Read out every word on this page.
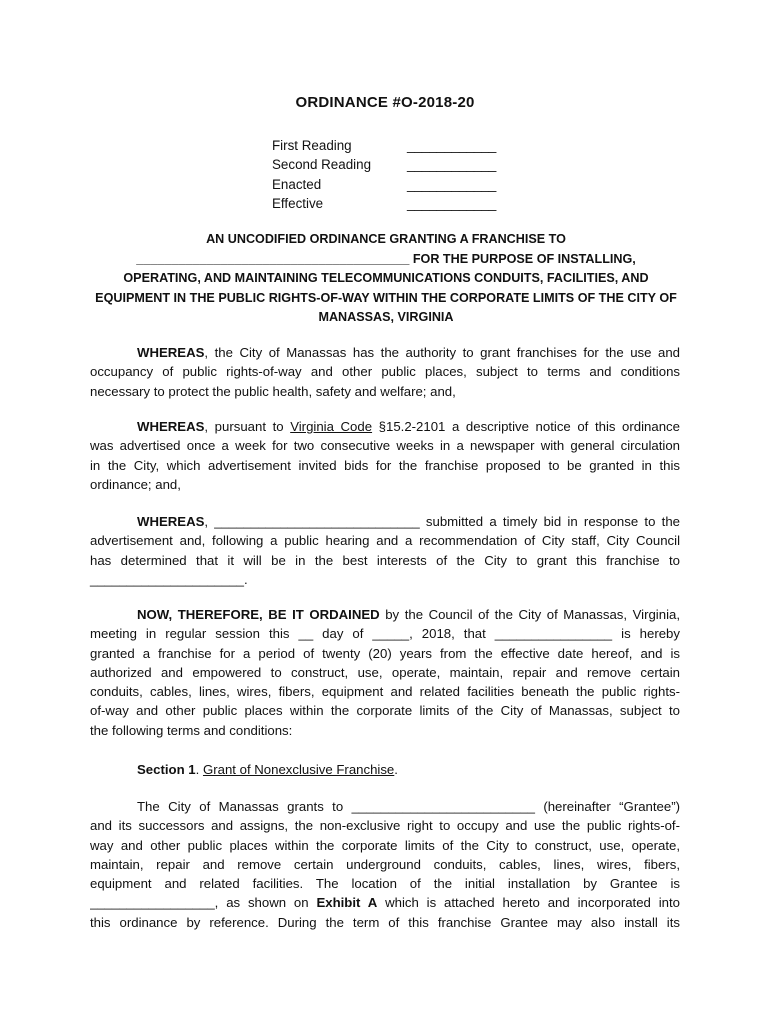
ORDINANCE #O-2018-20
First Reading	____________
Second Reading	____________
Enacted	____________
Effective	____________
AN UNCODIFIED ORDINANCE GRANTING A FRANCHISE TO
_______________________________________ FOR THE PURPOSE OF INSTALLING,
OPERATING, AND MAINTAINING TELECOMMUNICATIONS CONDUITS, FACILITIES, AND
EQUIPMENT IN THE PUBLIC RIGHTS-OF-WAY WITHIN THE CORPORATE LIMITS OF THE CITY OF
MANASSAS, VIRGINIA
WHEREAS, the City of Manassas has the authority to grant franchises for the use and
occupancy of public rights-of-way and other public places, subject to terms and conditions
necessary to protect the public health, safety and welfare; and,
WHEREAS, pursuant to Virginia Code §15.2-2101 a descriptive notice of this ordinance
was advertised once a week for two consecutive weeks in a newspaper with general circulation
in the City, which advertisement invited bids for the franchise proposed to be granted in this
ordinance; and,
WHEREAS, ____________________________ submitted a timely bid in response to the
advertisement and, following a public hearing and a recommendation of City staff, City Council
has determined that it will be in the best interests of the City to grant this franchise to
_____________________.
NOW, THEREFORE, BE IT ORDAINED by the Council of the City of Manassas, Virginia,
meeting in regular session this __ day of _____, 2018, that ________________ is hereby
granted a franchise for a period of twenty (20) years from the effective date hereof, and is
authorized and empowered to construct, use, operate, maintain, repair and remove certain
conduits, cables, lines, wires, fibers, equipment and related facilities beneath the public rights-
of-way and other public places within the corporate limits of the City of Manassas, subject to
the following terms and conditions:
Section 1. Grant of Nonexclusive Franchise.
The City of Manassas grants to _________________________ (hereinafter “Grantee”)
and its successors and assigns, the non-exclusive right to occupy and use the public rights-of-
way and other public places within the corporate limits of the City to construct, use, operate,
maintain, repair and remove certain underground conduits, cables, lines, wires, fibers,
equipment and related facilities. The location of the initial installation by Grantee is
_________________, as shown on Exhibit A which is attached hereto and incorporated into
this ordinance by reference. During the term of this franchise Grantee may also install its
